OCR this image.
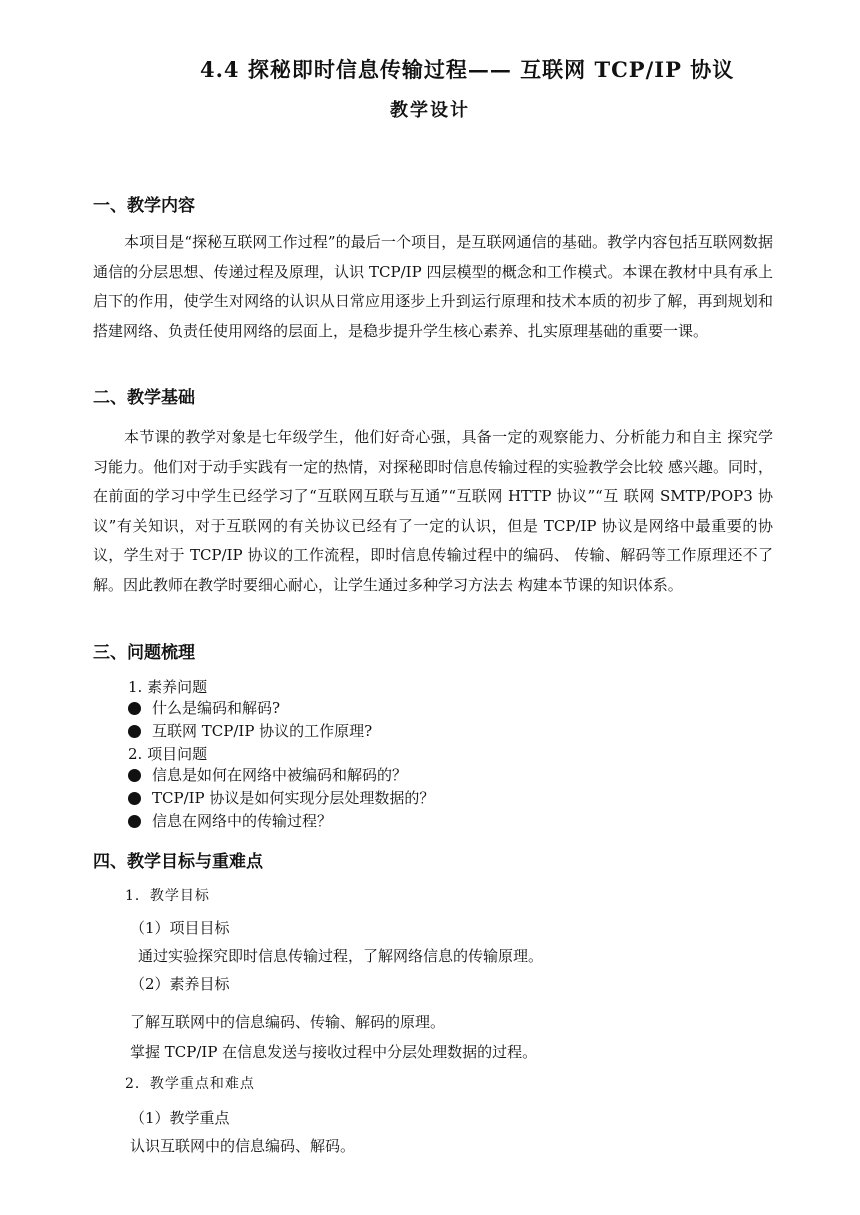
4.4 探秘即时信息传输过程—— 互联网 TCP/IP 协议
教学设计
一、教学内容

本项目是“探秘互联网工作过程”的最后一个项目，是互联网通信的基础。教学内容包括互联网数据通信的分层思想、传递过程及原理，认识 TCP/IP 四层模型的概念和工作模式。本课在教材中具有承上启下的作用，使学生对网络的认识从日常应用逐步上升到运行原理和技术本质的初步了解，再到规划和搭建网络、负责任使用网络的层面上，是稳步提升学生核心素养、扎实原理基础的重要一课。

二、教学基础

本节课的教学对象是七年级学生，他们好奇心强，具备一定的观察能力、分析能力和自主 探究学习能力。他们对于动手实践有一定的热情，对探秘即时信息传输过程的实验教学会比较 感兴趣。同时，在前面的学习中学生已经学习了“互联网互联与互通”“互联网 HTTP 协议”“互 联网 SMTP/POP3 协议”有关知识，对于互联网的有关协议已经有了一定的认识，但是 TCP/IP 协议是网络中最重要的协议，学生对于 TCP/IP 协议的工作流程，即时信息传输过程中的编码、 传输、解码等工作原理还不了解。因此教师在教学时要细心耐心，让学生通过多种学习方法去 构建本节课的知识体系。

三、问题梳理
1. 素养问题
什么是编码和解码?
互联网 TCP/IP 协议的工作原理?
2. 项目问题
信息是如何在网络中被编码和解码的？
TCP/IP 协议是如何实现分层处理数据的？
信息在网络中的传输过程？
四、教学目标与重难点
1．教学目标
（1）项目目标
通过实验探究即时信息传输过程，了解网络信息的传输原理。
（2）素养目标
了解互联网中的信息编码、传输、解码的原理。
掌握 TCP/IP 在信息发送与接收过程中分层处理数据的过程。
2．教学重点和难点
（1）教学重点
认识互联网中的信息编码、解码。
